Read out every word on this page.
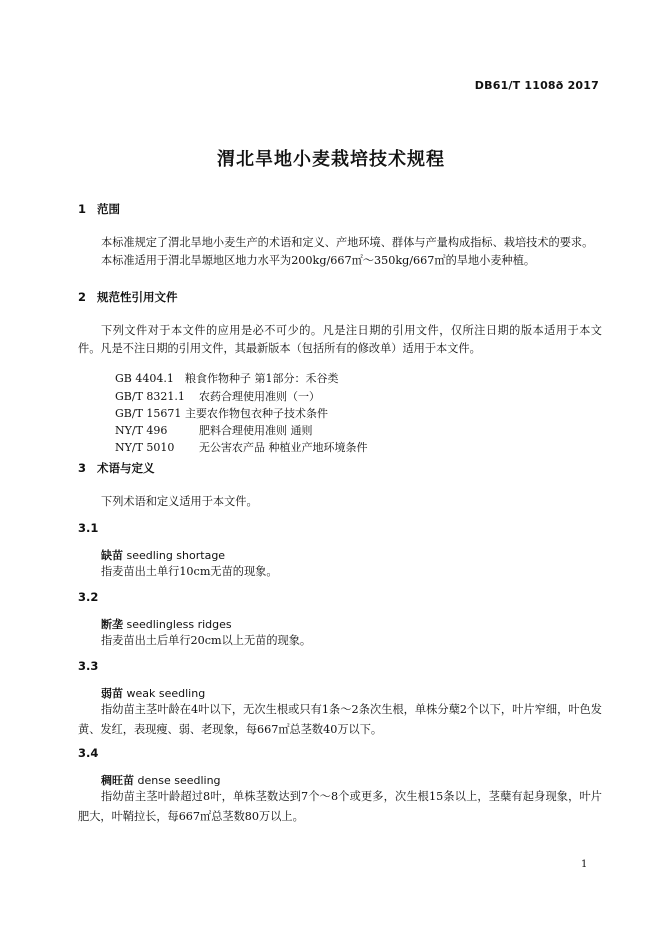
DB61/T 1108ð 2017
渭北旱地小麦栽培技术规程
1 范围
本标准规定了渭北旱地小麦生产的术语和定义、产地环境、群体与产量构成指标、栽培技术的要求。
本标准适用于渭北旱塬地区地力水平为200kg/667㎡～350kg/667㎡的旱地小麦种植。
2 规范性引用文件
下列文件对于本文件的应用是必不可少的。凡是注日期的引用文件，仅所注日期的版本适用于本文件。凡是不注日期的引用文件，其最新版本（包括所有的修改单）适用于本文件。

GB 4404.1 粮食作物种子 第1部分：禾谷类

GB/T 8321.1 农药合理使用准则（一）

GB/T 15671 主要农作物包衣种子技术条件

NY/T 496	肥料合理使用准则 通则

NY/T 5010 无公害农产品 种植业产地环境条件

3 术语与定义
下列术语和定义适用于本文件。
3.1
缺苗 seedling shortage
指麦苗出土单行10cm无苗的现象。
3.2
断垄 seedlingless ridges
指麦苗出土后单行20cm以上无苗的现象。
3.3
弱苗 weak seedling
指幼苗主茎叶龄在4叶以下，无次生根或只有1条～2条次生根，单株分蘖2个以下，叶片窄细，叶色发黄、发红，表现瘦、弱、老现象，每667㎡总茎数40万以下。
3.4
稠旺苗 dense seedling
指幼苗主茎叶龄超过8叶，单株茎数达到7个～8个或更多，次生根15条以上，茎蘖有起身现象，叶片肥大，叶鞘拉长，每667㎡总茎数80万以上。
1
